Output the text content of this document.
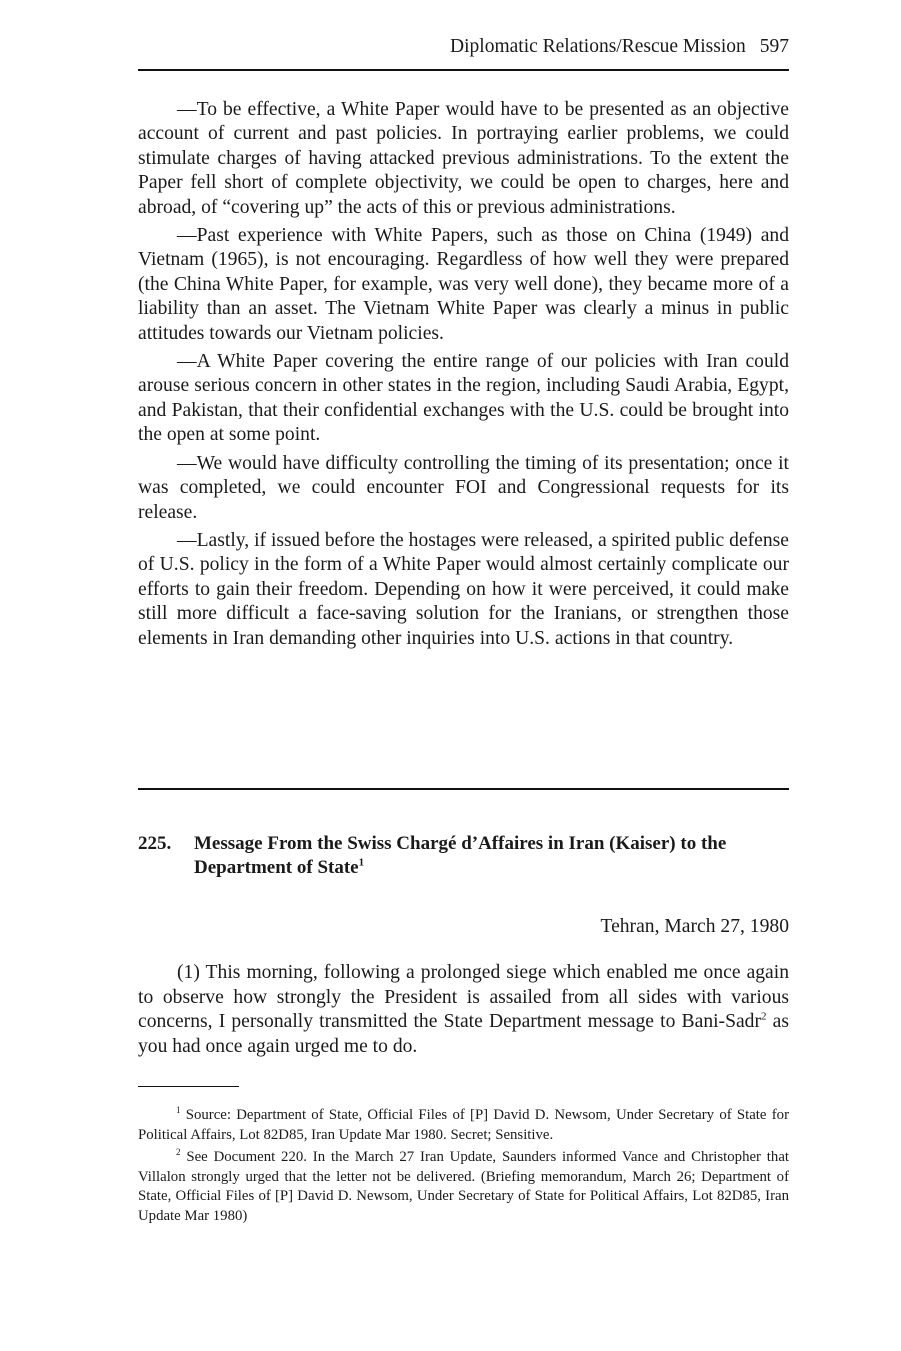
Diplomatic Relations/Rescue Mission 597

—To be effective, a White Paper would have to be presented as an objective account of current and past policies. In portraying earlier problems, we could stimulate charges of having attacked previous administrations. To the extent the Paper fell short of complete objectivity, we could be open to charges, here and abroad, of “covering up” the acts of this or previous administrations.

—Past experience with White Papers, such as those on China (1949) and Vietnam (1965), is not encouraging. Regardless of how well they were prepared (the China White Paper, for example, was very well done), they became more of a liability than an asset. The Vietnam White Paper was clearly a minus in public attitudes towards our Vietnam policies.

—A White Paper covering the entire range of our policies with Iran could arouse serious concern in other states in the region, including Saudi Arabia, Egypt, and Pakistan, that their confidential exchanges with the U.S. could be brought into the open at some point.

—We would have difficulty controlling the timing of its presentation; once it was completed, we could encounter FOI and Congressional requests for its release.

—Lastly, if issued before the hostages were released, a spirited public defense of U.S. policy in the form of a White Paper would almost certainly complicate our efforts to gain their freedom. Depending on how it were perceived, it could make still more difficult a face-saving solution for the Iranians, or strengthen those elements in Iran demanding other inquiries into U.S. actions in that country.

225. Message From the Swiss Chargé d’Affaires in Iran (Kaiser) to the Department of State$^1$
Tehran, March 27, 1980

(1) This morning, following a prolonged siege which enabled me once again to observe how strongly the President is assailed from all sides with various concerns, I personally transmitted the State Department message to Bani-Sadr$^2$ as you had once again urged me to do.

$^1$ Source: Department of State, Official Files of [P] David D. Newsom, Under Secretary of State for Political Affairs, Lot 82D85, Iran Update Mar 1980. Secret; Sensitive.

$^2$ See Document 220. In the March 27 Iran Update, Saunders informed Vance and Christopher that Villalon strongly urged that the letter not be delivered. (Briefing memorandum, March 26; Department of State, Official Files of [P] David D. Newsom, Under Secretary of State for Political Affairs, Lot 82D85, Iran Update Mar 1980)
